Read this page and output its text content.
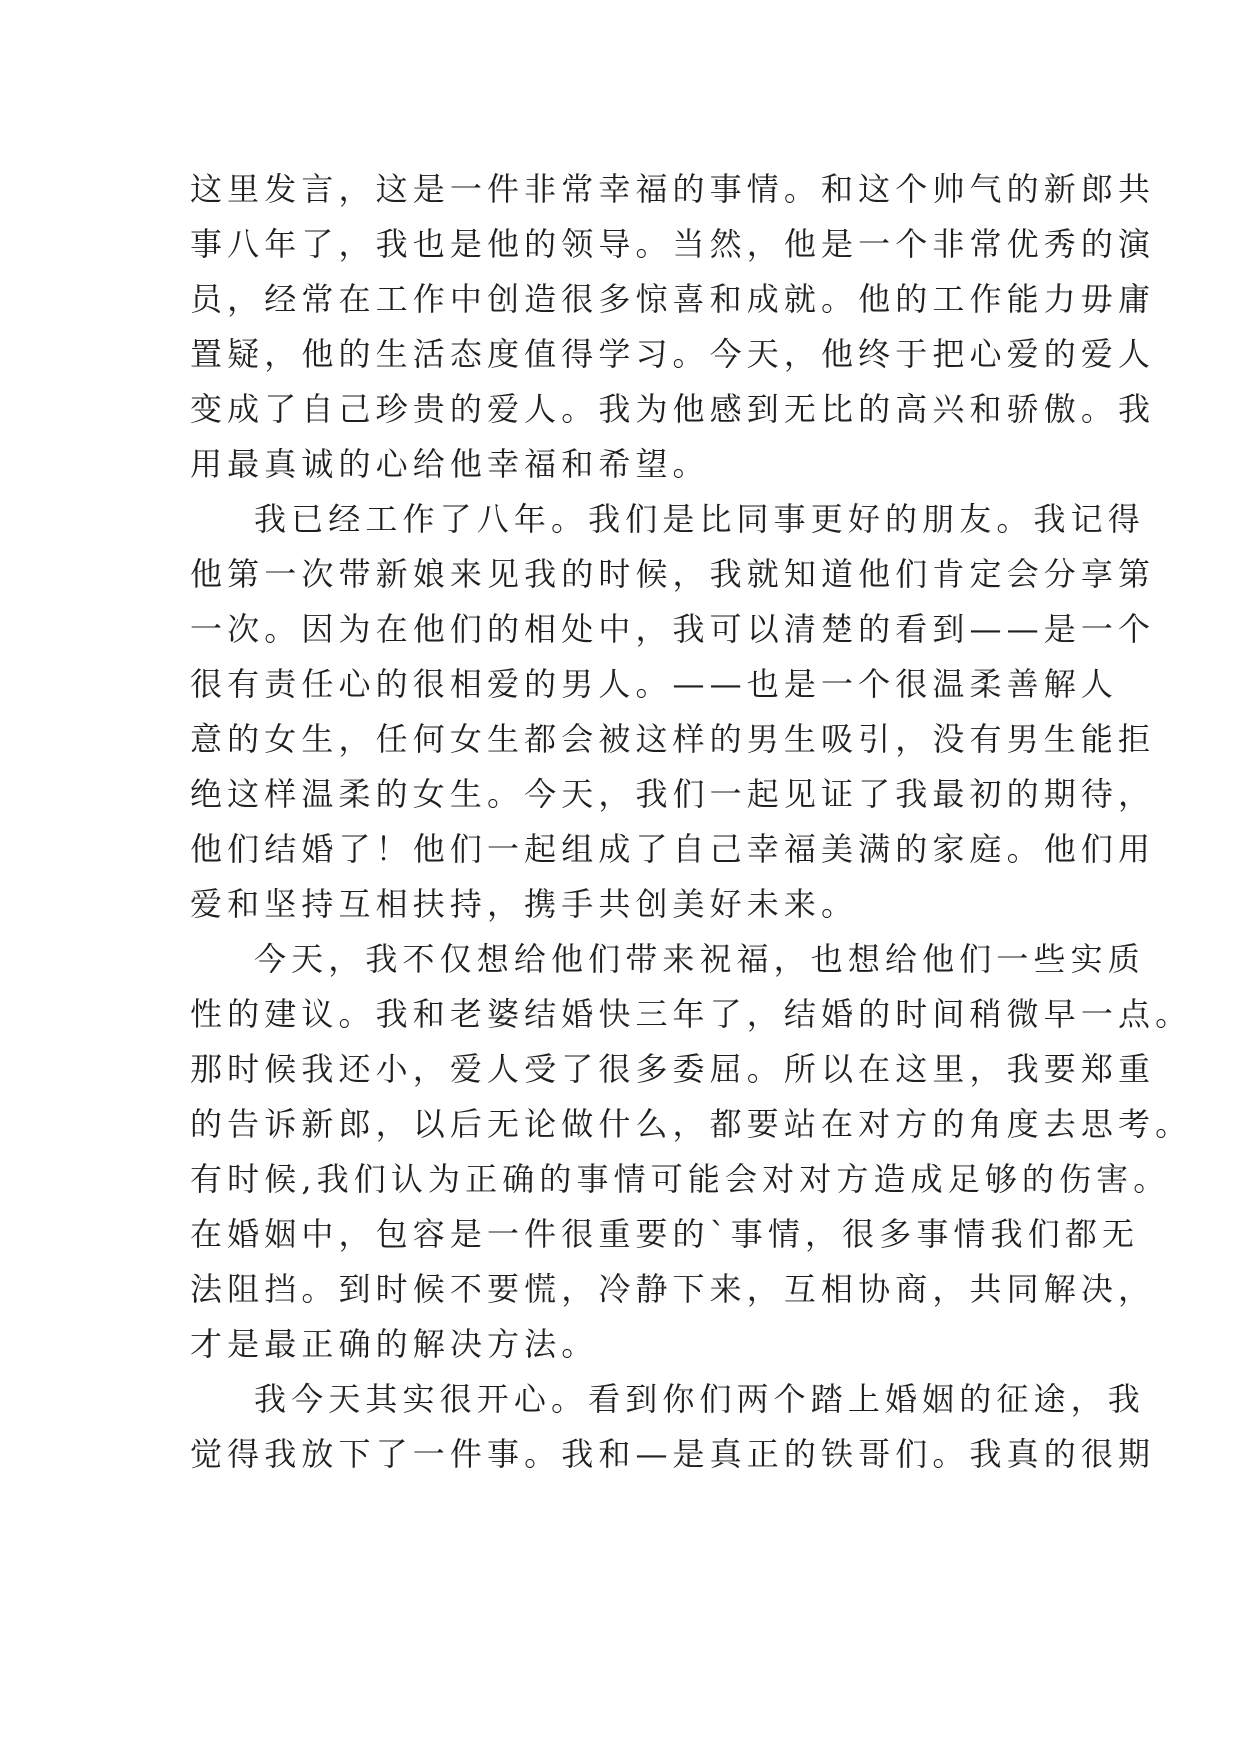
这里发言，这是一件非常幸福的事情。和这个帅气的新郎共
事八年了，我也是他的领导。当然，他是一个非常优秀的演
员，经常在工作中创造很多惊喜和成就。他的工作能力毋庸
置疑，他的生活态度值得学习。今天，他终于把心爱的爱人
变成了自己珍贵的爱人。我为他感到无比的高兴和骄傲。我
用最真诚的心给他幸福和希望。
我已经工作了八年。我们是比同事更好的朋友。我记得
他第一次带新娘来见我的时候，我就知道他们肯定会分享第
一次。因为在他们的相处中，我可以清楚的看到——是一个
很有责任心的很相爱的男人。——也是一个很温柔善解人
意的女生，任何女生都会被这样的男生吸引，没有男生能拒
绝这样温柔的女生。今天，我们一起见证了我最初的期待，
他们结婚了！他们一起组成了自己幸福美满的家庭。他们用
爱和坚持互相扶持，携手共创美好未来。
今天，我不仅想给他们带来祝福，也想给他们一些实质
性的建议。我和老婆结婚快三年了，结婚的时间稍微早一点。
那时候我还小，爱人受了很多委屈。所以在这里，我要郑重
的告诉新郎，以后无论做什么，都要站在对方的角度去思考。
有时候,我们认为正确的事情可能会对对方造成足够的伤害。
在婚姻中，包容是一件很重要的`事情，很多事情我们都无
法阻挡。到时候不要慌，冷静下来，互相协商，共同解决，
才是最正确的解决方法。
我今天其实很开心。看到你们两个踏上婚姻的征途，我
觉得我放下了一件事。我和—是真正的铁哥们。我真的很期
